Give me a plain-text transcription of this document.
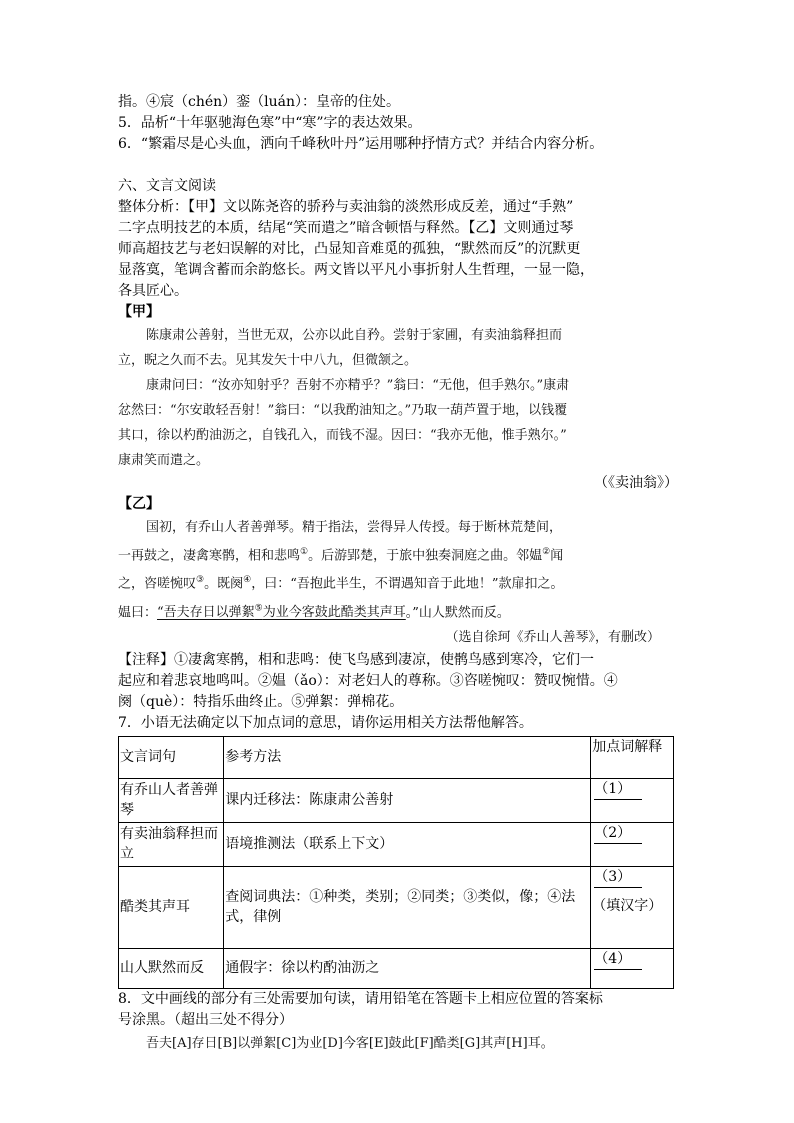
指。④宸（chén）銮（luán）：皇帝的住处。
5．品析“十年驱驰海色寒”中“寒”字的表达效果。
6．“繁霜尽是心头血，洒向千峰秋叶丹”运用哪种抒情方式？并结合内容分析。
六、文言文阅读
整体分析：【甲】文以陈尧咨的骄矜与卖油翁的淡然形成反差，通过“手熟”
二字点明技艺的本质，结尾“笑而遣之”暗含顿悟与释然。【乙】文则通过琴
师高超技艺与老妇误解的对比，凸显知音难觅的孤独，“默然而反”的沉默更
显落寞，笔调含蓄而余韵悠长。两文皆以平凡小事折射人生哲理，一显一隐，
各具匠心。
【甲】
陈康肃公善射，当世无双，公亦以此自矜。尝射于家圃，有卖油翁释担而
立，睨之久而不去。见其发矢十中八九，但微颔之。
康肃问曰：“汝亦知射乎？吾射不亦精乎？”翁曰：“无他，但手熟尔。”康肃
忿然曰：“尔安敢轻吾射！”翁曰：“以我酌油知之。”乃取一葫芦置于地，以钱覆
其口，徐以杓酌油沥之，自钱孔入，而钱不湿。因曰：“我亦无他，惟手熟尔。”
康肃笑而遣之。
（《卖油翁》）
【乙】
国初，有乔山人者善弹琴。精于指法，尝得异人传授。每于断林荒楚间，
一再鼓之，凄禽寒鹘，相和悲鸣①。后游郢楚，于旅中独奏洞庭之曲。邻媪②闻
之，咨嗟惋叹③。既阕④，曰：“吾抱此半生，不谓遇知音于此地！”款扉扣之。
媪曰：“吾夫存日以弹絮⑤为业今客鼓此酷类其声耳。”山人默然而反。
（选自徐珂《乔山人善琴》，有删改）
【注释】①凄禽寒鹘，相和悲鸣：使飞鸟感到凄凉，使鹘鸟感到寒冷，它们一
起应和着悲哀地鸣叫。②媪（ǎo）：对老妇人的尊称。③咨嗟惋叹：赞叹惋惜。④
阕（què）：特指乐曲终止。⑤弹絮：弹棉花。
7．小语无法确定以下加点词的意思，请你运用相关方法帮他解答。
文言词句	参考方法	加点词解释
有乔山人者善弹琴	课内迁移法：陈康肃公善射	（1）

有卖油翁释担而立	语境推测法（联系上下文）	（2）

酷类其声耳	查阅词典法：①种类，类别；②同类；③类似，像；④法式，律例	（3）
（填汉字）

山人默然而反	通假字：徐以杓酌油沥之	（4）
8．文中画线的部分有三处需要加句读，请用铅笔在答题卡上相应位置的答案标
号涂黑。（超出三处不得分）
吾夫[A]存日[B]以弹絮[C]为业[D]今客[E]鼓此[F]酷类[G]其声[H]耳。
